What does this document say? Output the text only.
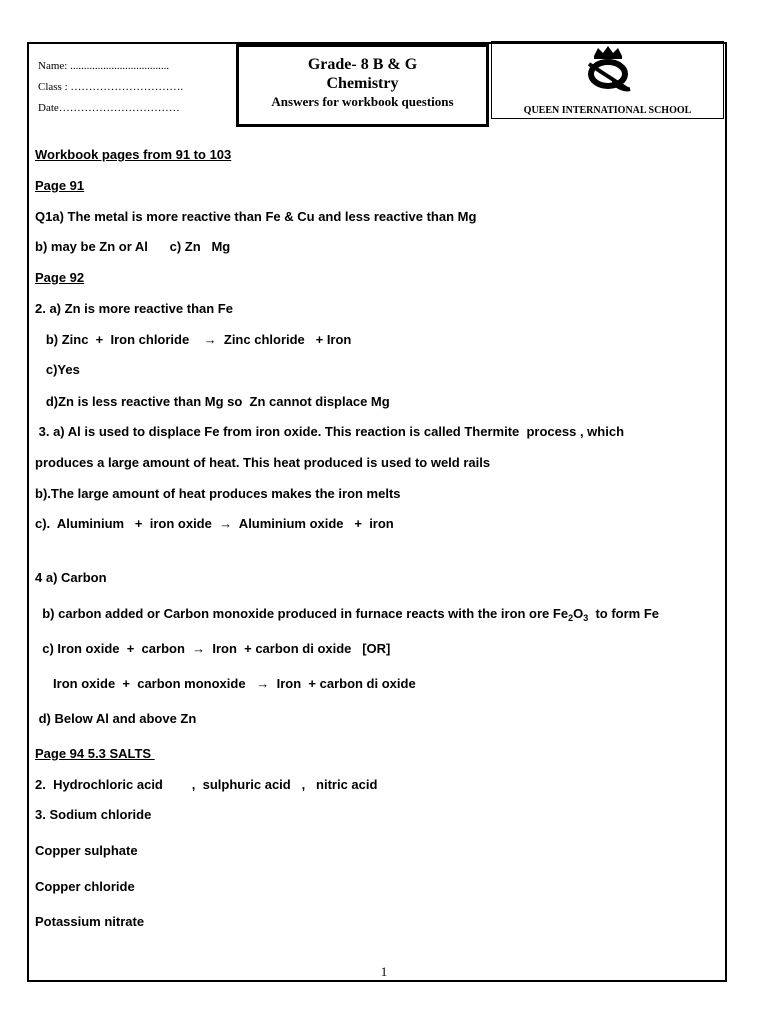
Name: ....................................
Class : ………………………….
Date……………………………
Grade- 8 B & G
Chemistry
Answers for workbook questions
QUEEN INTERNATIONAL SCHOOL
Workbook pages from 91 to 103
Page 91
Q1a) The metal is more reactive than Fe & Cu and less reactive than Mg
b) may be Zn or Al      c) Zn   Mg
Page 92
2. a) Zn is more reactive than Fe
b) Zinc  +  Iron chloride    →  Zinc chloride   + Iron
c)Yes
d)Zn is less reactive than Mg so  Zn cannot displace Mg
3. a) Al is used to displace Fe from iron oxide. This reaction is called Thermite  process , which
produces a large amount of heat. This heat produced is used to weld rails
b).The large amount of heat produces makes the iron melts
c).  Aluminium   +  iron oxide  →  Aluminium oxide   +  iron
4 a) Carbon
b) carbon added or Carbon monoxide produced in furnace reacts with the iron ore $Fe_2O_3$  to form Fe
c) Iron oxide  +  carbon  →  Iron  + carbon di oxide   [OR]
Iron oxide  +  carbon monoxide   →  Iron  + carbon di oxide
d) Below Al and above Zn
Page 94 5.3 SALTS
2.  Hydrochloric acid        ,  sulphuric acid   ,   nitric acid
3. Sodium chloride
Copper sulphate
Copper chloride
Potassium nitrate
1
